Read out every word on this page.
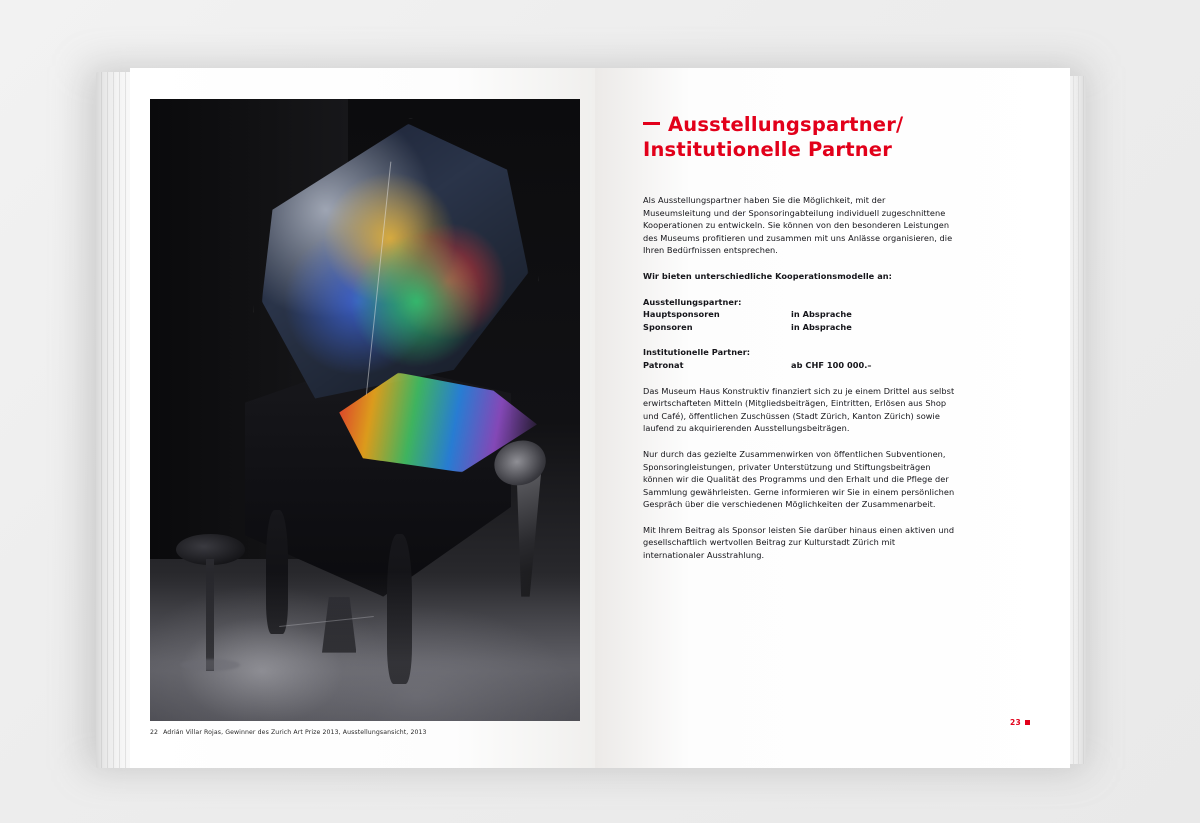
22 Adrián Villar Rojas, Gewinner des Zurich Art Prize 2013, Ausstellungsansicht, 2013
Ausstellungspartner/
Institutionelle Partner

Als Ausstellungspartner haben Sie die Möglichkeit, mit der Museumsleitung und der Sponsoringabteilung individuell zugeschnittene Kooperationen zu entwickeln. Sie können von den besonderen Leistungen des Museums profitieren und zusammen mit uns Anlässe organisieren, die Ihren Bedürfnissen entsprechen.

Wir bieten unterschiedliche Kooperationsmodelle an:

Ausstellungspartner:

Hauptsponsoren	in Absprache
Sponsoren	in Absprache

Institutionelle Partner:

Patronat	ab CHF 100 000.–

Das Museum Haus Konstruktiv finanziert sich zu je einem Drittel aus selbst erwirtschafteten Mitteln (Mitgliedsbeiträgen, Eintritten, Erlösen aus Shop und Café), öffentlichen Zuschüssen (Stadt Zürich, Kanton Zürich) sowie laufend zu akquirierenden Ausstellungsbeiträgen.

Nur durch das gezielte Zusammenwirken von öffentlichen Subventionen, Sponsoringleistungen, privater Unterstützung und Stiftungsbeiträgen können wir die Qualität des Programms und den Erhalt und die Pflege der Sammlung gewährleisten. Gerne informieren wir Sie in einem persönlichen Gespräch über die verschiedenen Möglichkeiten der Zusammenarbeit.

Mit Ihrem Beitrag als Sponsor leisten Sie darüber hinaus einen aktiven und gesellschaftlich wertvollen Beitrag zur Kulturstadt Zürich mit internationaler Ausstrahlung.

23
